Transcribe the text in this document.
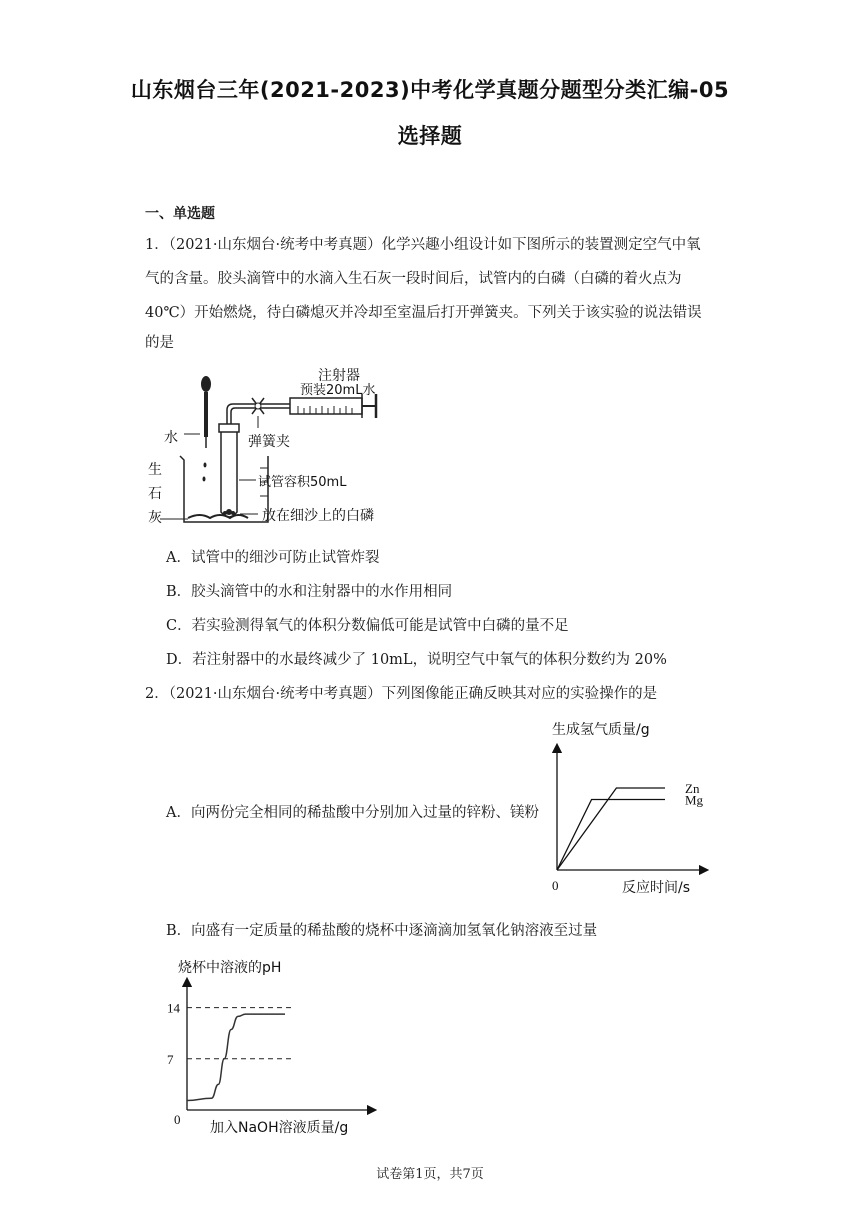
山东烟台三年(2021-2023)中考化学真题分题型分类汇编-05
选择题
一、单选题
1．（2021·山东烟台·统考中考真题）化学兴趣小组设计如下图所示的装置测定空气中氧
气的含量。胶头滴管中的水滴入生石灰一段时间后，试管内的白磷（白磷的着火点为
40℃）开始燃烧，待白磷熄灭并冷却至室温后打开弹簧夹。下列关于该实验的说法错误
的是
注射器
预装20mL水
水	弹簧夹
生
石
灰
试管容积50mL
放在细沙上的白磷
A．试管中的细沙可防止试管炸裂
B．胶头滴管中的水和注射器中的水作用相同
C．若实验测得氧气的体积分数偏低可能是试管中白磷的量不足
D．若注射器中的水最终减少了 10mL，说明空气中氧气的体积分数约为 20%
2．（2021·山东烟台·统考中考真题）下列图像能正确反映其对应的实验操作的是
A．向两份完全相同的稀盐酸中分别加入过量的锌粉、镁粉
生成氢气质量/g
0	反应时间/s
Zn
Mg
B．向盛有一定质量的稀盐酸的烧杯中逐滴滴加氢氧化钠溶液至过量
烧杯中溶液的pH
14
7
0
加入NaOH溶液质量/g
试卷第1页，共7页
